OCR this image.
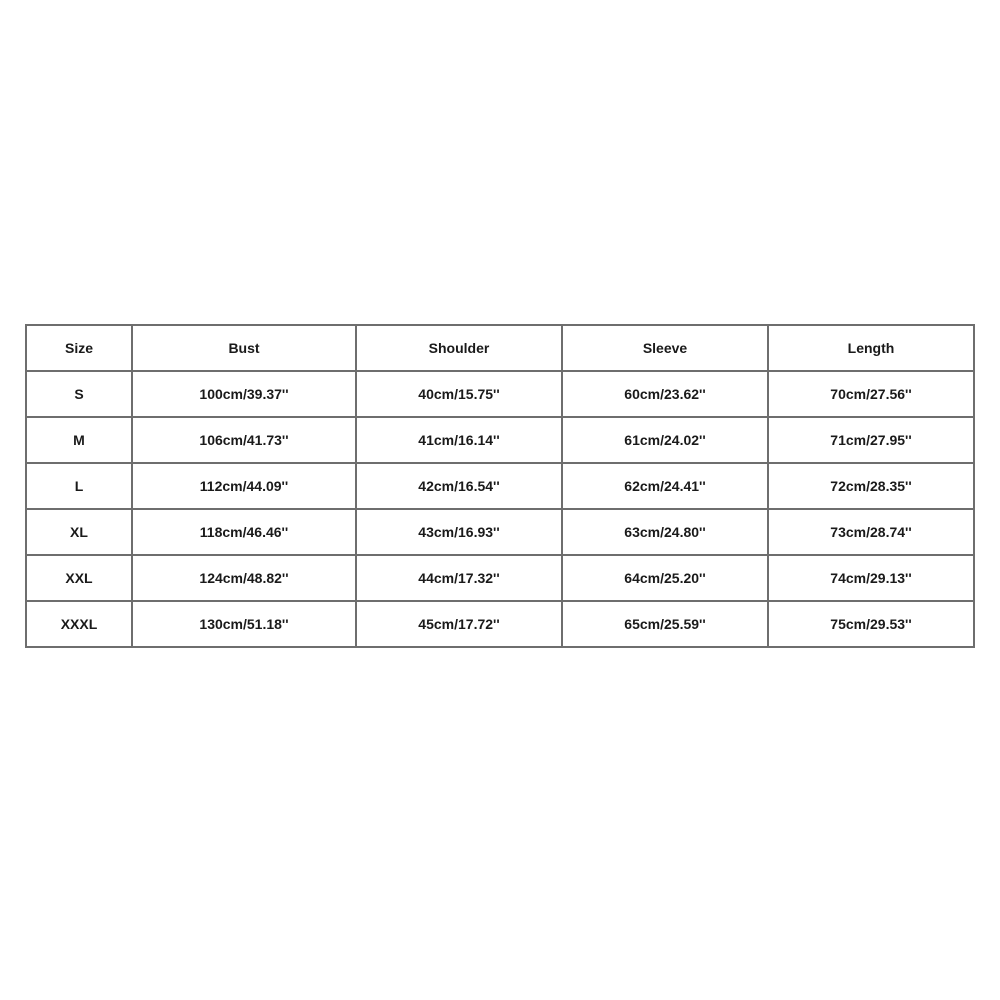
Size	Bust	Shoulder	Sleeve	Length
S	100cm/39.37''	40cm/15.75''	60cm/23.62''	70cm/27.56''
M	106cm/41.73''	41cm/16.14''	61cm/24.02''	71cm/27.95''
L	112cm/44.09''	42cm/16.54''	62cm/24.41''	72cm/28.35''
XL	118cm/46.46''	43cm/16.93''	63cm/24.80''	73cm/28.74''
XXL	124cm/48.82''	44cm/17.32''	64cm/25.20''	74cm/29.13''
XXXL	130cm/51.18''	45cm/17.72''	65cm/25.59''	75cm/29.53''
